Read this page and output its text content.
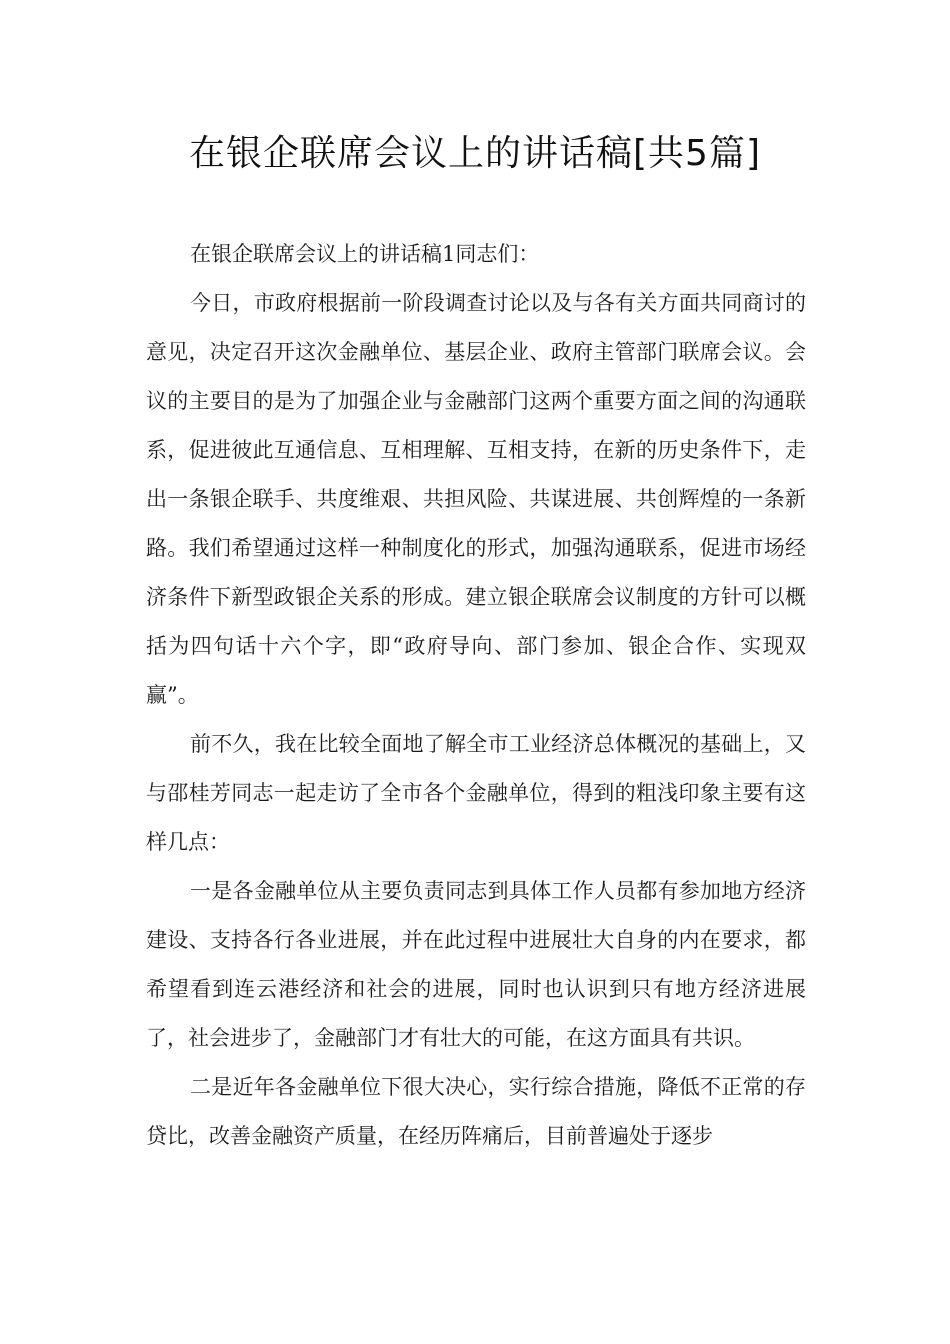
在银企联席会议上的讲话稿[共5篇]

在银企联席会议上的讲话稿1同志们：

今日，市政府根据前一阶段调查讨论以及与各有关方面共同商讨的意见，决定召开这次金融单位、基层企业、政府主管部门联席会议。会议的主要目的是为了加强企业与金融部门这两个重要方面之间的沟通联系，促进彼此互通信息、互相理解、互相支持，在新的历史条件下，走出一条银企联手、共度维艰、共担风险、共谋进展、共创辉煌的一条新路。我们希望通过这样一种制度化的形式，加强沟通联系，促进市场经济条件下新型政银企关系的形成。建立银企联席会议制度的方针可以概括为四句话十六个字，即“政府导向、部门参加、银企合作、实现双赢”。

前不久，我在比较全面地了解全市工业经济总体概况的基础上，又与邵桂芳同志一起走访了全市各个金融单位，得到的粗浅印象主要有这样几点：

一是各金融单位从主要负责同志到具体工作人员都有参加地方经济建设、支持各行各业进展，并在此过程中进展壮大自身的内在要求，都希望看到连云港经济和社会的进展，同时也认识到只有地方经济进展了，社会进步了，金融部门才有壮大的可能，在这方面具有共识。

二是近年各金融单位下很大决心，实行综合措施，降低不正常的存贷比，改善金融资产质量，在经历阵痛后，目前普遍处于逐步
